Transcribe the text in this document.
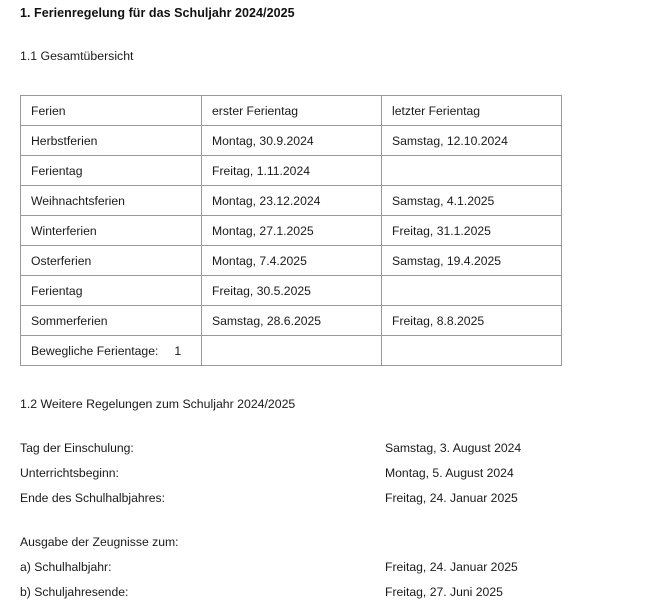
1. Ferienregelung für das Schuljahr 2024/2025
1.1 Gesamtübersicht
Ferien	erster Ferientag	letzter Ferientag
Herbstferien	Montag, 30.9.2024	Samstag, 12.10.2024
Ferientag	Freitag, 1.11.2024	
Weihnachtsferien	Montag, 23.12.2024	Samstag, 4.1.2025
Winterferien	Montag, 27.1.2025	Freitag, 31.1.2025
Osterferien	Montag, 7.4.2025	Samstag, 19.4.2025
Ferientag	Freitag, 30.5.2025	
Sommerferien	Samstag, 28.6.2025	Freitag, 8.8.2025
Bewegliche Ferientage: 1		
1.2 Weitere Regelungen zum Schuljahr 2024/2025
Tag der Einschulung:	Samstag, 3. August 2024
Unterrichtsbeginn:	Montag, 5. August 2024
Ende des Schulhalbjahres:	Freitag, 24. Januar 2025
Ausgabe der Zeugnisse zum:
a) Schulhalbjahr:	Freitag, 24. Januar 2025
b) Schuljahresende:	Freitag, 27. Juni 2025
